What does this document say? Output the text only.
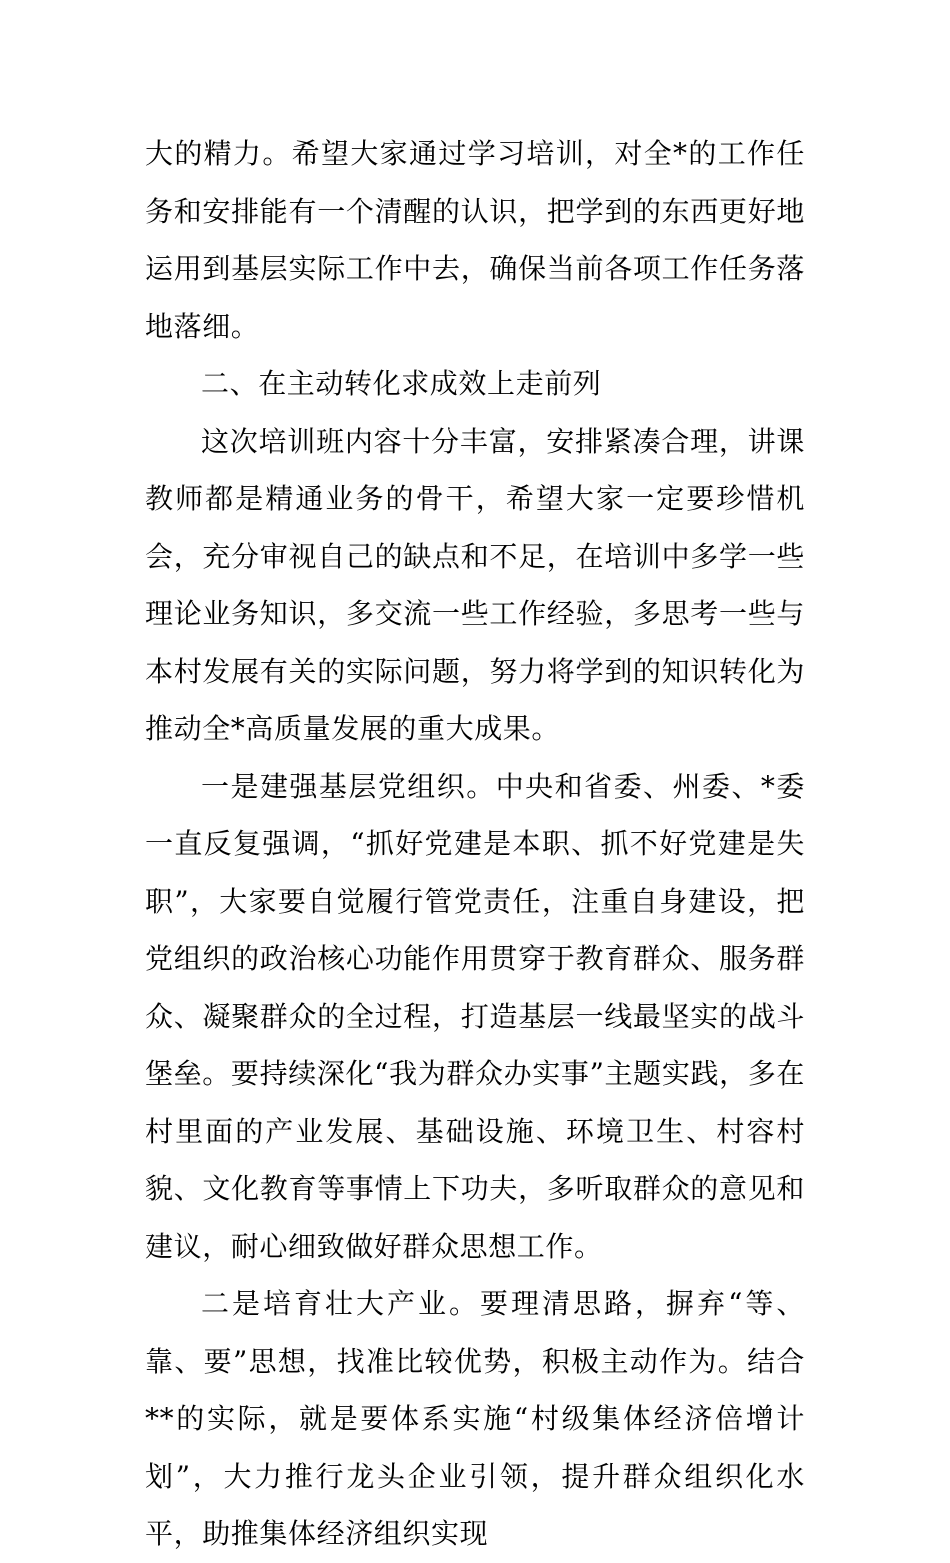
大的精力。希望大家通过学习培训，对全*的工作任务和安排能有一个清醒的认识，把学到的东西更好地运用到基层实际工作中去，确保当前各项工作任务落地落细。

二、在主动转化求成效上走前列

这次培训班内容十分丰富，安排紧凑合理，讲课教师都是精通业务的骨干，希望大家一定要珍惜机会，充分审视自己的缺点和不足，在培训中多学一些理论业务知识，多交流一些工作经验，多思考一些与本村发展有关的实际问题，努力将学到的知识转化为推动全*高质量发展的重大成果。

一是建强基层党组织。中央和省委、州委、*委一直反复强调，“抓好党建是本职、抓不好党建是失职”，大家要自觉履行管党责任，注重自身建设，把党组织的政治核心功能作用贯穿于教育群众、服务群众、凝聚群众的全过程，打造基层一线最坚实的战斗堡垒。要持续深化“我为群众办实事”主题实践，多在村里面的产业发展、基础设施、环境卫生、村容村貌、文化教育等事情上下功夫，多听取群众的意见和建议，耐心细致做好群众思想工作。

二是培育壮大产业。要理清思路，摒弃“等、靠、要”思想，找准比较优势，积极主动作为。结合**的实际，就是要体系实施“村级集体经济倍增计划”，大力推行龙头企业引领，提升群众组织化水平，助推集体经济组织实现
